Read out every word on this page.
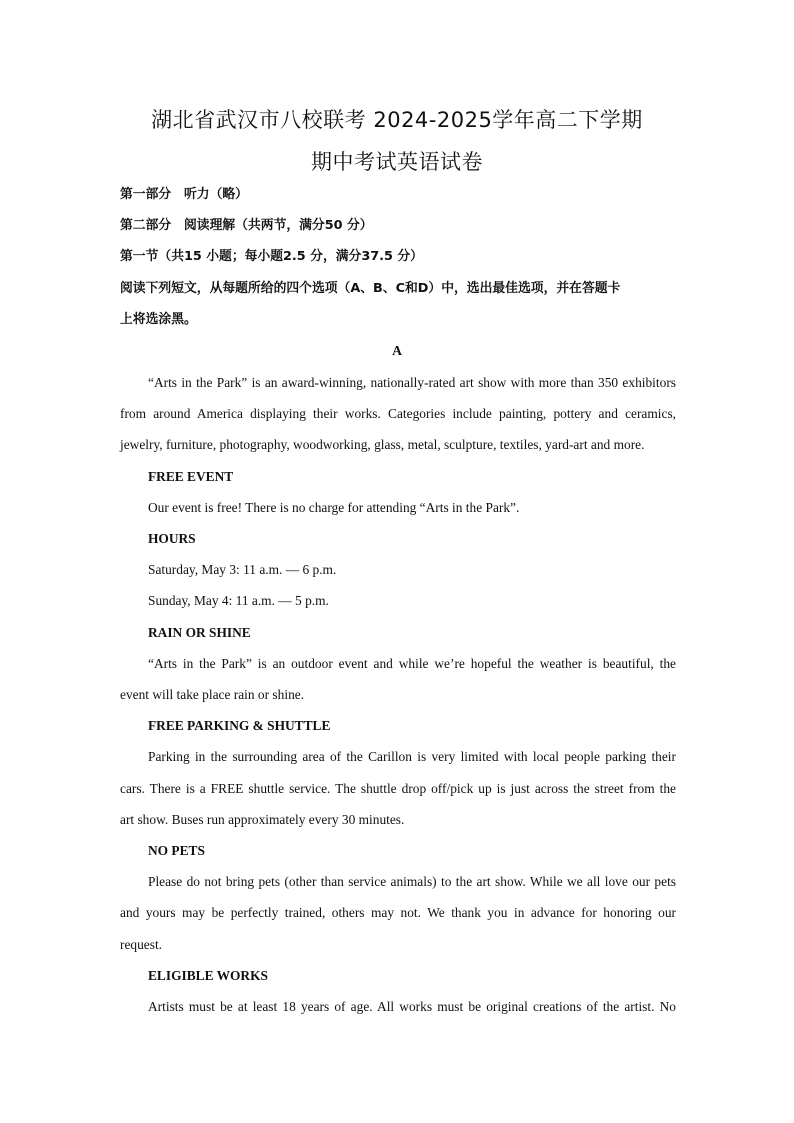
湖北省武汉市八校联考 2024-2025学年高二下学期
期中考试英语试卷
第一部分　听力（略）
第二部分　阅读理解（共两节，满分50 分）
第一节（共15 小题；每小题2.5 分，满分37.5 分）
阅读下列短文，从每题所给的四个选项（A、B、C和D）中，选出最佳选项，并在答题卡
上将选涂黑。
A
“Arts in the Park” is an award-winning, nationally-rated art show with more than 350 exhibitors
from around America displaying their works. Categories include painting, pottery and ceramics,
jewelry, furniture, photography, woodworking, glass, metal, sculpture, textiles, yard-art and more.
FREE EVENT
Our event is free! There is no charge for attending “Arts in the Park”.
HOURS
Saturday, May 3: 11 a.m. — 6 p.m.
Sunday, May 4: 11 a.m. — 5 p.m.
RAIN OR SHINE
“Arts in the Park” is an outdoor event and while we’re hopeful the weather is beautiful, the
event will take place rain or shine.
FREE PARKING & SHUTTLE
Parking in the surrounding area of the Carillon is very limited with local people parking their
cars. There is a FREE shuttle service. The shuttle drop off/pick up is just across the street from the
art show. Buses run approximately every 30 minutes.
NO PETS
Please do not bring pets (other than service animals) to the art show. While we all love our pets
and yours may be perfectly trained, others may not. We thank you in advance for honoring our
request.
ELIGIBLE WORKS
Artists must be at least 18 years of age. All works must be original creations of the artist. No
